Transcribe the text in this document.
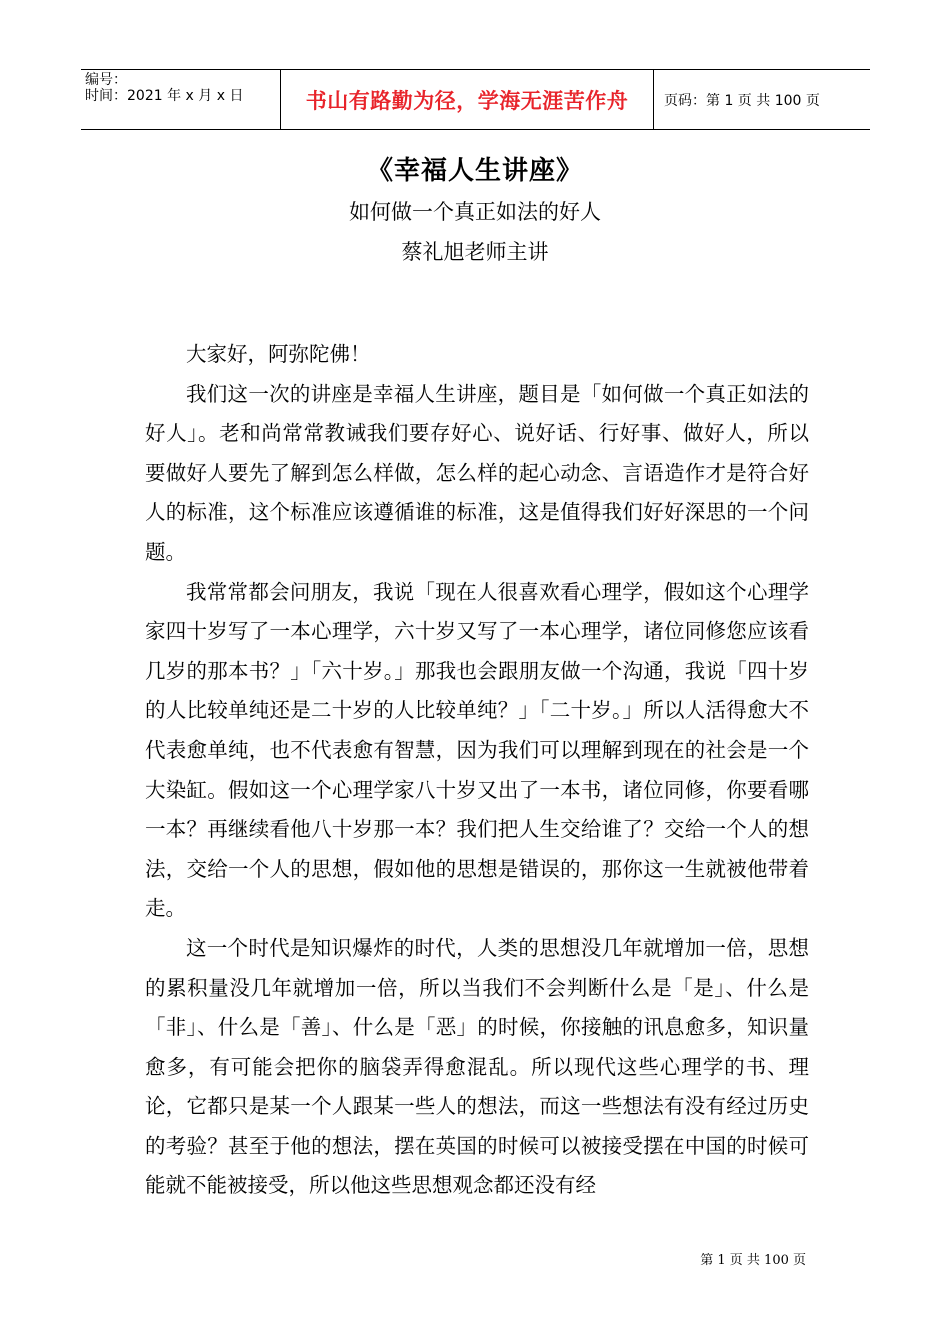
编号：
时间：2021 年 x 月 x 日	书山有路勤为径，学海无涯苦作舟	页码：第 1 页 共 100 页
《幸福人生讲座》
如何做一个真正如法的好人
蔡礼旭老师主讲

大家好，阿弥陀佛！

我们这一次的讲座是幸福人生讲座，题目是「如何做一个真正如法的好人」。老和尚常常教诫我们要存好心、说好话、行好事、做好人，所以要做好人要先了解到怎么样做，怎么样的起心动念、言语造作才是符合好人的标准，这个标准应该遵循谁的标准，这是值得我们好好深思的一个问题。

我常常都会问朋友，我说「现在人很喜欢看心理学，假如这个心理学家四十岁写了一本心理学，六十岁又写了一本心理学，诸位同修您应该看几岁的那本书？」「六十岁。」那我也会跟朋友做一个沟通，我说「四十岁的人比较单纯还是二十岁的人比较单纯？」「二十岁。」所以人活得愈大不代表愈单纯，也不代表愈有智慧，因为我们可以理解到现在的社会是一个大染缸。假如这一个心理学家八十岁又出了一本书，诸位同修，你要看哪一本？再继续看他八十岁那一本？我们把人生交给谁了？交给一个人的想法，交给一个人的思想，假如他的思想是错误的，那你这一生就被他带着走。

这一个时代是知识爆炸的时代，人类的思想没几年就增加一倍，思想的累积量没几年就增加一倍，所以当我们不会判断什么是「是」、什么是「非」、什么是「善」、什么是「恶」的时候，你接触的讯息愈多，知识量愈多，有可能会把你的脑袋弄得愈混乱。所以现代这些心理学的书、理论，它都只是某一个人跟某一些人的想法，而这一些想法有没有经过历史的考验？甚至于他的想法，摆在英国的时候可以被接受摆在中国的时候可能就不能被接受，所以他这些思想观念都还没有经

第 1 页 共 100 页
